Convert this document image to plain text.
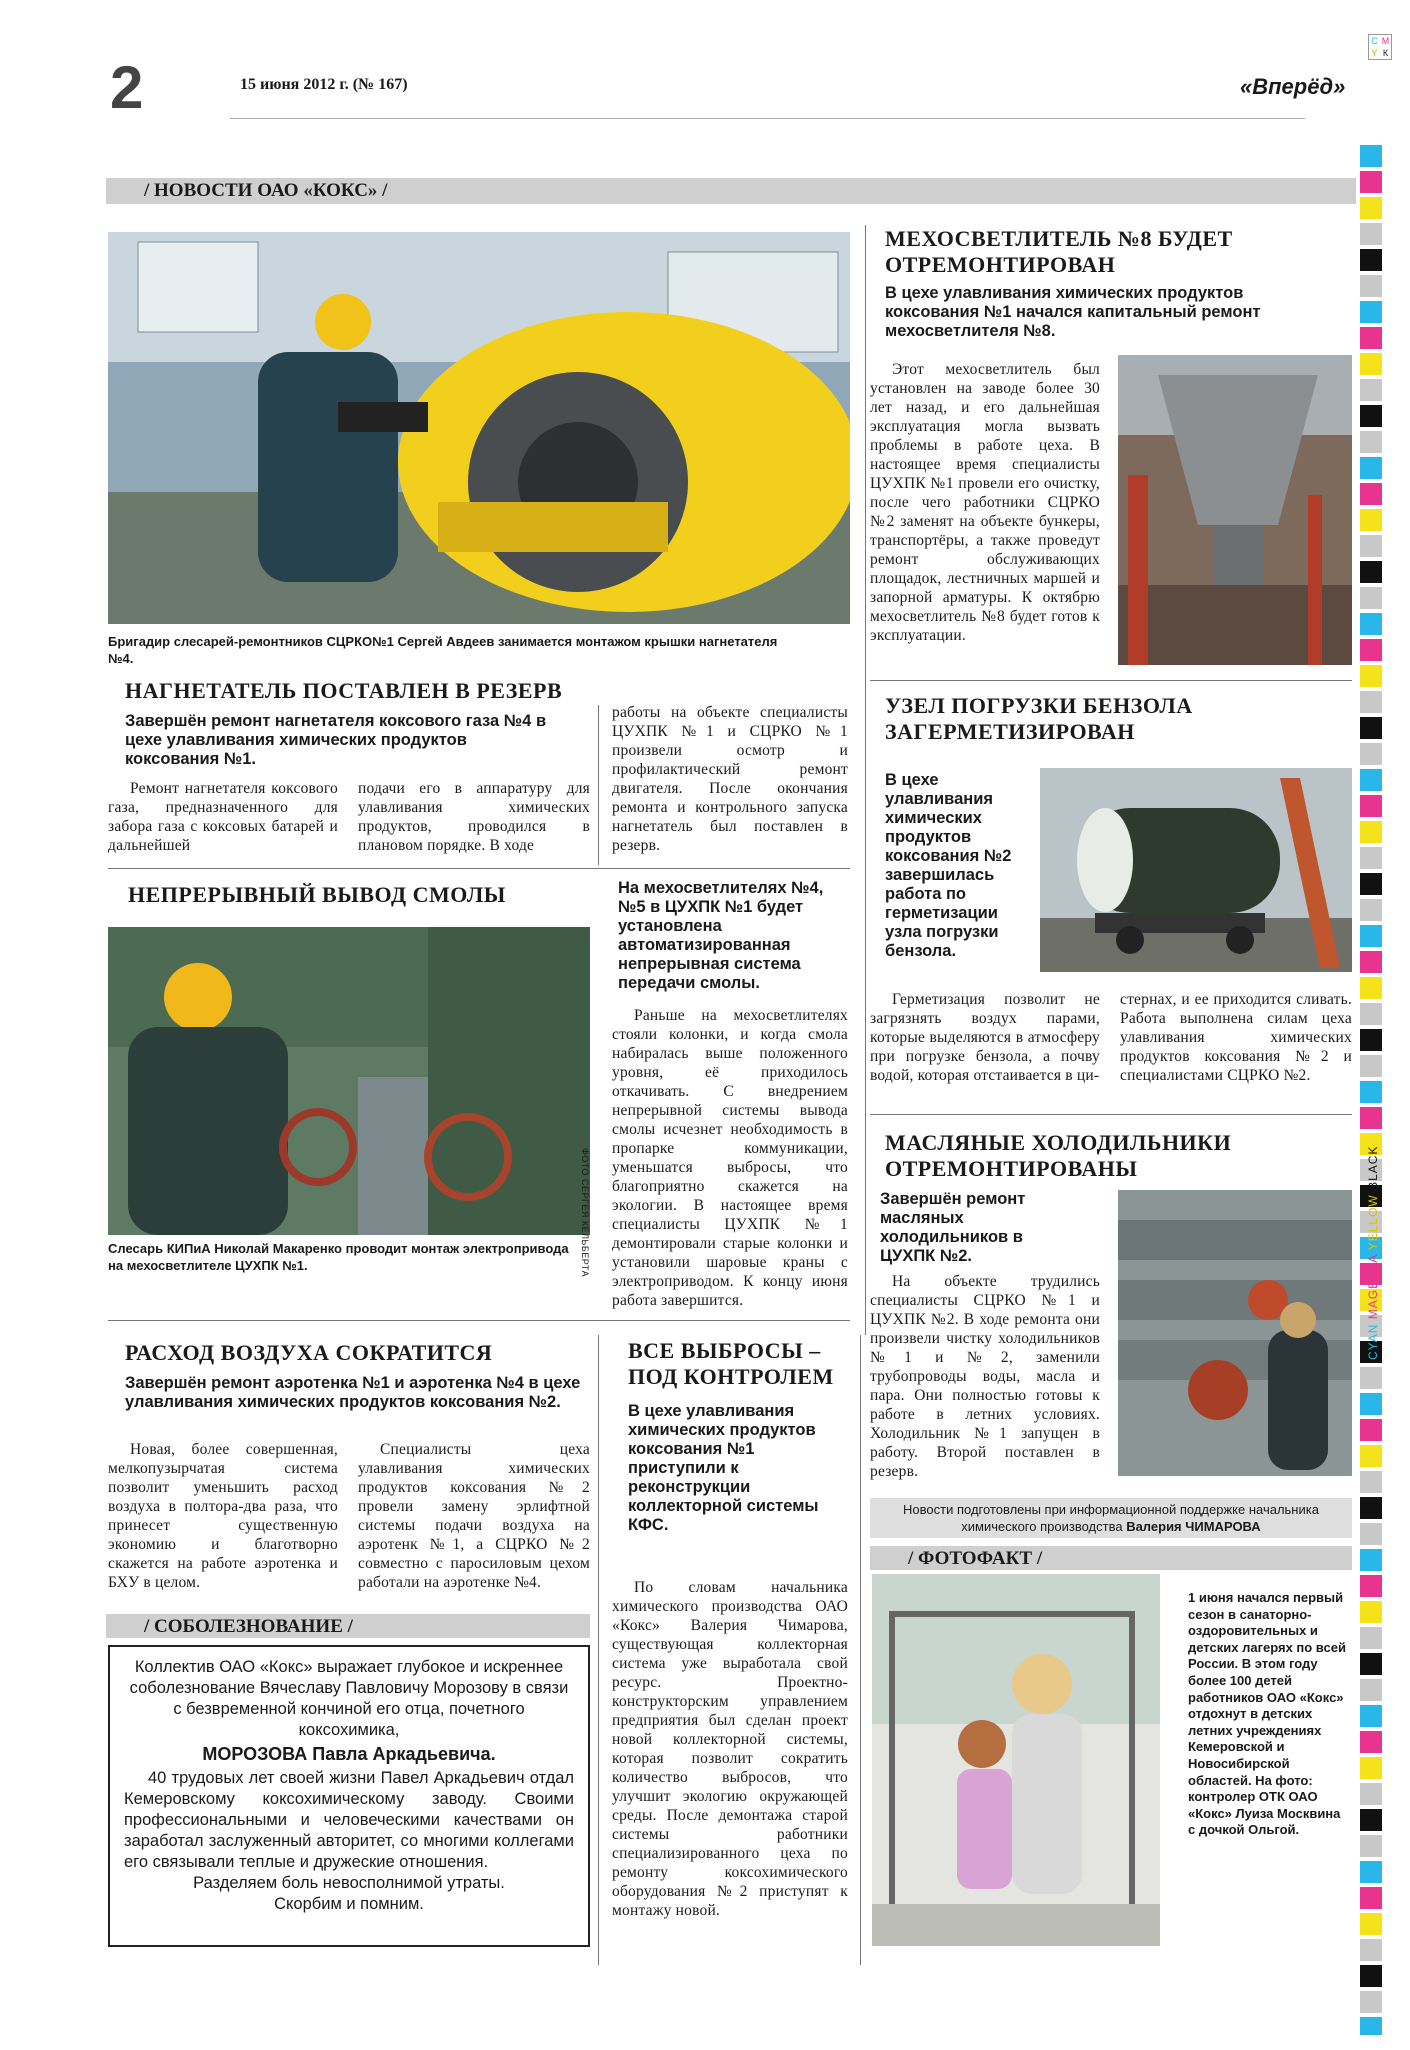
2	15 июня 2012 г. (№ 167)	«Вперёд»
С М
Y К
/ НОВОСТИ ОАО «КОКС» /
Бригадир слесарей-ремонтников СЦРКО№1 Сергей Авдеев занимается монтажом крышки нагнетателя №4.
НАГНЕТАТЕЛЬ ПОСТАВЛЕН В РЕЗЕРВ
Завершён ремонт нагнетателя коксового газа №4 в цехе улавливания химических продуктов коксования №1.
Ремонт нагнетателя коксового газа, предназначенного для забора газа с коксовых батарей и дальнейшей
подачи его в аппаратуру для улавливания химических продуктов, проводился в плановом порядке. В ходе
работы на объекте специалисты ЦУХПК №1 и СЦРКО №1 произвели осмотр и профилактический ремонт двигателя. После окончания ремонта и контрольного запуска нагнетатель был поставлен в резерв.
МЕХОСВЕТЛИТЕЛЬ №8 БУДЕТ
ОТРЕМОНТИРОВАН
В цехе улавливания химических продуктов коксования №1 начался капитальный ремонт мехосветлителя №8.
Этот мехосветлитель был установлен на заводе более 30 лет назад, и его дальнейшая эксплуатация могла вызвать проблемы в работе цеха. В настоящее время специалисты ЦУХПК №1 провели его очистку, после чего работники СЦРКО №2 заменят на объекте бункеры, транспортёры, а также проведут ремонт обслуживающих площадок, лестничных маршей и запорной арматуры. К октябрю мехосветлитель №8 будет готов к эксплуатации.
УЗЕЛ ПОГРУЗКИ БЕНЗОЛА
ЗАГЕРМЕТИЗИРОВАН
В цехе улавливания химических продуктов коксования №2 завершилась работа по герметизации узла погрузки бензола.
Герметизация позволит не загрязнять воздух парами, которые выделяются в атмосферу при погрузке бензола, а почву водой, которая отстаивается в ци-
стернах, и ее приходится сливать. Работа выполнена силам цеха улавливания химических продуктов коксования №2 и специалистами СЦРКО №2.
МАСЛЯНЫЕ ХОЛОДИЛЬНИКИ
ОТРЕМОНТИРОВАНЫ
Завершён ремонт масляных холодильников в ЦУХПК №2.
На объекте трудились специалисты СЦРКО №1 и ЦУХПК №2. В ходе ремонта они произвели чистку холодильников №1 и №2, заменили трубопроводы воды, масла и пара. Они полностью готовы к работе в летних условиях. Холодильник №1 запущен в работу. Второй поставлен в резерв.
Новости подготовлены при информационной поддержке начальника
химического производства Валерия ЧИМАРОВА
НЕПРЕРЫВНЫЙ ВЫВОД СМОЛЫ
ФОТО СЕРГЕЯ КЕЛЬБЕРТА
Слесарь КИПиА Николай Макаренко проводит монтаж электропривода на мехосветлителе ЦУХПК №1.
На мехосветлителях №4, №5 в ЦУХПК №1 будет установлена автоматизированная непрерывная система передачи смолы.
Раньше на мехосветлителях стояли колонки, и когда смола набиралась выше положенного уровня, её приходилось откачивать. С внедрением непрерывной системы вывода смолы исчезнет необходимость в пропарке коммуникации, уменьшатся выбросы, что благоприятно скажется на экологии. В настоящее время специалисты ЦУХПК №1 демонтировали старые колонки и установили шаровые краны с электроприводом. К концу июня работа завершится.
РАСХОД ВОЗДУХА СОКРАТИТСЯ
Завершён ремонт аэротенка №1 и аэротенка №4 в цехе улавливания химических продуктов коксования №2.
Новая, более совершенная, мелкопузырчатая система позволит уменьшить расход воздуха в полтора-два раза, что принесет существенную экономию и благотворно скажется на работе аэротенка и БХУ в целом.
Специалисты цеха улавливания химических продуктов коксования №2 провели замену эрлифтной системы подачи воздуха на аэротенк №1, а СЦРКО №2 совместно с паросиловым цехом работали на аэротенке №4.
ВСЕ ВЫБРОСЫ –
ПОД КОНТРОЛЕМ
В цехе улавливания химических продуктов коксования №1 приступили к реконструкции коллекторной системы КФС.
По словам начальника химического производства ОАО «Кокс» Валерия Чимарова, существующая коллекторная система уже выработала свой ресурс. Проектно-конструкторским управлением предприятия был сделан проект новой коллекторной системы, которая позволит сократить количество выбросов, что улучшит экологию окружающей среды. После демонтажа старой системы работники специализированного цеха по ремонту коксохимического оборудования №2 приступят к монтажу новой.
/ СОБОЛЕЗНОВАНИЕ /
Коллектив ОАО «Кокс» выражает глубокое и искреннее соболезнование Вячеславу Павловичу Морозову в связи с безвременной кончиной его отца, почетного коксохимика,
МОРОЗОВА Павла Аркадьевича.
40 трудовых лет своей жизни Павел Аркадьевич отдал Кемеровскому коксохимическому заводу. Своими профессиональными и человеческими качествами он заработал заслуженный авторитет, со многими коллегами его связывали теплые и дружеские отношения.
Разделяем боль невосполнимой утраты.
Скорбим и помним.
/ ФОТОФАКТ /
1 июня начался первый сезон в санаторно-оздоровительных и детских лагерях по всей России. В этом году более 100 детей работников ОАО «Кокс» отдохнут в детских летних учреждениях Кемеровской и Новосибирской областей. На фото: контролер ОТК ОАО «Кокс» Луиза Москвина с дочкой Ольгой.
CYAN MAGENTA YELLOW BLACK
